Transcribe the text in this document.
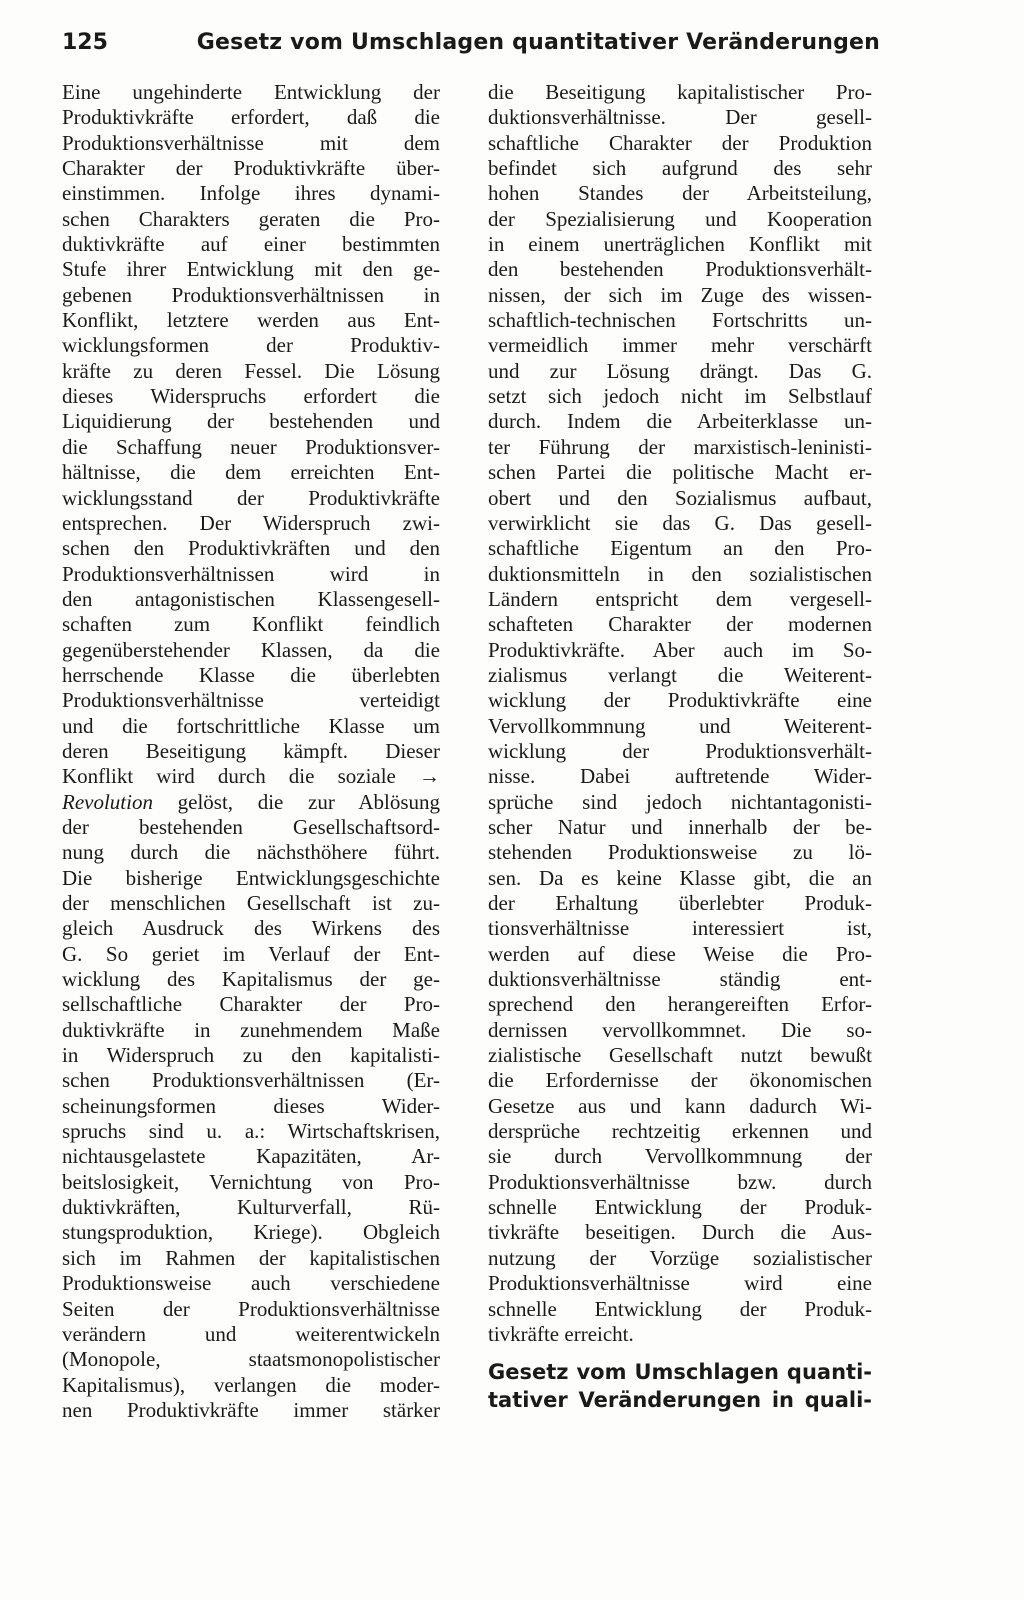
125	Gesetz vom Umschlagen quantitativer Veränderungen
Eine ungehinderte Entwicklung der
Produktivkräfte erfordert, daß die
Produktionsverhältnisse mit dem
Charakter der Produktivkräfte über-
einstimmen. Infolge ihres dynami-
schen Charakters geraten die Pro-
duktivkräfte auf einer bestimmten
Stufe ihrer Entwicklung mit den ge-
gebenen Produktionsverhältnissen in
Konflikt, letztere werden aus Ent-
wicklungsformen der Produktiv-
kräfte zu deren Fessel. Die Lösung
dieses Widerspruchs erfordert die
Liquidierung der bestehenden und
die Schaffung neuer Produktionsver-
hältnisse, die dem erreichten Ent-
wicklungsstand der Produktivkräfte
entsprechen. Der Widerspruch zwi-
schen den Produktivkräften und den
Produktionsverhältnissen wird in
den antagonistischen Klassengesell-
schaften zum Konflikt feindlich
gegenüberstehender Klassen, da die
herrschende Klasse die überlebten
Produktionsverhältnisse verteidigt
und die fortschrittliche Klasse um
deren Beseitigung kämpft. Dieser
Konflikt wird durch die soziale →
Revolution gelöst, die zur Ablösung
der bestehenden Gesellschaftsord-
nung durch die nächsthöhere führt.
Die bisherige Entwicklungsgeschichte
der menschlichen Gesellschaft ist zu-
gleich Ausdruck des Wirkens des
G. So geriet im Verlauf der Ent-
wicklung des Kapitalismus der ge-
sellschaftliche Charakter der Pro-
duktivkräfte in zunehmendem Maße
in Widerspruch zu den kapitalisti-
schen Produktionsverhältnissen (Er-
scheinungsformen dieses Wider-
spruchs sind u. a.: Wirtschaftskrisen,
nichtausgelastete Kapazitäten, Ar-
beitslosigkeit, Vernichtung von Pro-
duktivkräften, Kulturverfall, Rü-
stungsproduktion, Kriege). Obgleich
sich im Rahmen der kapitalistischen
Produktionsweise auch verschiedene
Seiten der Produktionsverhältnisse
verändern und weiterentwickeln
(Monopole, staatsmonopolistischer
Kapitalismus), verlangen die moder-
nen Produktivkräfte immer stärker
die Beseitigung kapitalistischer Pro-
duktionsverhältnisse. Der gesell-
schaftliche Charakter der Produktion
befindet sich aufgrund des sehr
hohen Standes der Arbeitsteilung,
der Spezialisierung und Kooperation
in einem unerträglichen Konflikt mit
den bestehenden Produktionsverhält-
nissen, der sich im Zuge des wissen-
schaftlich-technischen Fortschritts un-
vermeidlich immer mehr verschärft
und zur Lösung drängt. Das G.
setzt sich jedoch nicht im Selbstlauf
durch. Indem die Arbeiterklasse un-
ter Führung der marxistisch-leninisti-
schen Partei die politische Macht er-
obert und den Sozialismus aufbaut,
verwirklicht sie das G. Das gesell-
schaftliche Eigentum an den Pro-
duktionsmitteln in den sozialistischen
Ländern entspricht dem vergesell-
schafteten Charakter der modernen
Produktivkräfte. Aber auch im So-
zialismus verlangt die Weiterent-
wicklung der Produktivkräfte eine
Vervollkommnung und Weiterent-
wicklung der Produktionsverhält-
nisse. Dabei auftretende Wider-
sprüche sind jedoch nichtantagonisti-
scher Natur und innerhalb der be-
stehenden Produktionsweise zu lö-
sen. Da es keine Klasse gibt, die an
der Erhaltung überlebter Produk-
tionsverhältnisse interessiert ist,
werden auf diese Weise die Pro-
duktionsverhältnisse ständig ent-
sprechend den herangereiften Erfor-
dernissen vervollkommnet. Die so-
zialistische Gesellschaft nutzt bewußt
die Erfordernisse der ökonomischen
Gesetze aus und kann dadurch Wi-
dersprüche rechtzeitig erkennen und
sie durch Vervollkommnung der
Produktionsverhältnisse bzw. durch
schnelle Entwicklung der Produk-
tivkräfte beseitigen. Durch die Aus-
nutzung der Vorzüge sozialistischer
Produktionsverhältnisse wird eine
schnelle Entwicklung der Produk-
tivkräfte erreicht.
Gesetz vom Umschlagen quanti-
tativer Veränderungen in quali-
